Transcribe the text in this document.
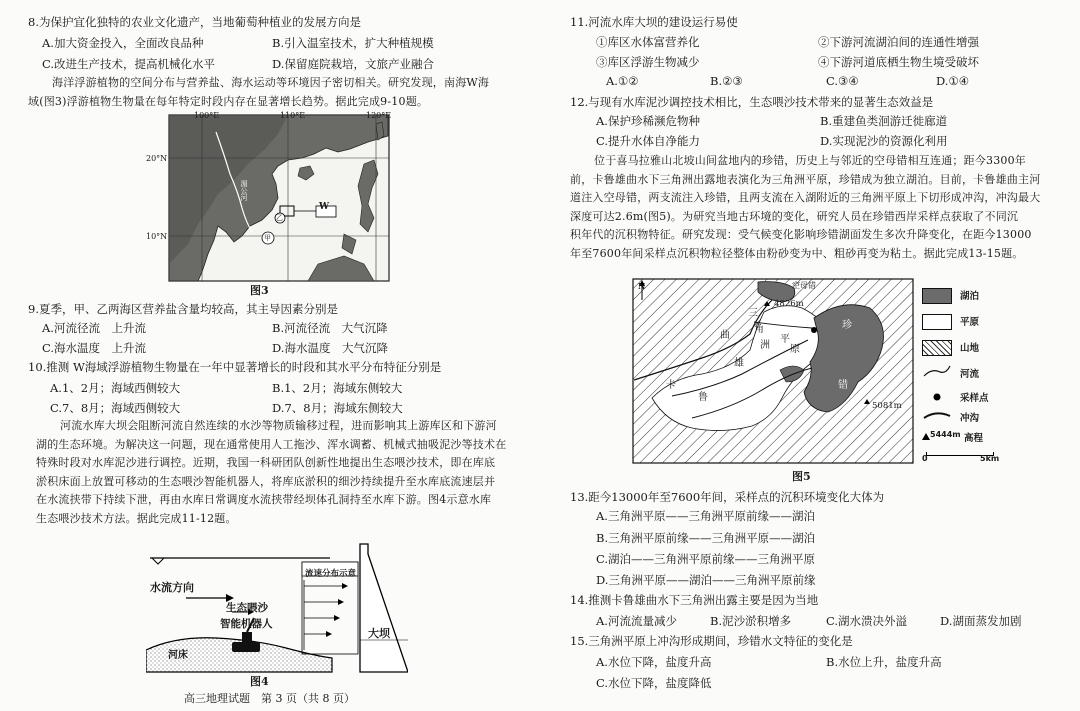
8.为保护宜化独特的农业文化遗产，当地葡萄种植业的发展方向是
A.加大资金投入，全面改良品种	B.引入温室技术，扩大种植规模
C.改进生产技术，提高机械化水平	D.保留庭院栽培，文旅产业融合
海洋浮游植物的空间分布与营养盐、海水运动等环境因子密切相关。研究发现，南海W海
域(图3)浮游植物生物量在每年特定时段内存在显著增长趋势。据此完成9-10题。
100°E	110°E	120°E
20°N
10°N
W
甲
乙
湄公河
图3
9.夏季，甲、乙两海区营养盐含量均较高，其主导因素分别是
A.河流径流　上升流	B.河流径流　大气沉降
C.海水温度　上升流	D.海水温度　大气沉降
10.推测 W海域浮游植物生物量在一年中显著增长的时段和其水平分布特征分别是
A.1、2月；海域西侧较大	B.1、2月；海域东侧较大
C.7、8月；海域西侧较大	D.7、8月；海域东侧较大
河流水库大坝会阻断河流自然连续的水沙等物质输移过程，进而影响其上游库区和下游河
湖的生态环境。为解决这一问题，现在通常使用人工拖沙、浑水调蓄、机械式抽吸泥沙等技术在
特殊时段对水库泥沙进行调控。近期，我国一科研团队创新性地提出生态喂沙技术，即在库底
淤积床面上放置可移动的生态喂沙智能机器人，将库底淤积的细沙持续提升至水库底流速层并
在水流挟带下持续下泄，再由水库日常调度水流挟带经坝体孔洞持至水库下游。图4示意水库
生态喂沙技术方法。据此完成11-12题。
水流方向
流速分布示意
生态喂沙
智能机器人
河床
大坝
图4
高三地理试题　第 3 页（共 8 页）
11.河流水库大坝的建设运行易使
①库区水体富营养化	②下游河流湖泊间的连通性增强
③库区浮游生物减少	④下游河道底栖生物生境受破坏
A.①②	B.②③	C.③④	D.①④
12.与现有水库泥沙调控技术相比，生态喂沙技术带来的显著生态效益是
A.保护珍稀濒危物种	B.重建鱼类洄游迁徙廊道
C.提升水体自净能力	D.实现泥沙的资源化利用
位于喜马拉雅山北坡山间盆地内的珍错，历史上与邻近的空母错相互连通；距今3300年
前，卡鲁雄曲水下三角洲出露地表演化为三角洲平原，珍错成为独立湖泊。目前，卡鲁雄曲主河
道注入空母错，两支流注入珍错，且两支流在入湖附近的三角洲平原上下切形成冲沟，冲沟最大
深度可达2.6m(图5)。为研究当地古环境的变化，研究人员在珍错西岸采样点获取了不同沉
积年代的沉积物特征。研究发现：受气候变化影响珍错湖面发生多次升降变化，在距今13000
年至7600年间采样点沉积物粒径整体由粉砂变为中、粗砂再变为粘土。据此完成13-15题。
N	空母错
4826m
5081m
三
角
洲
平
原
曲
卡
鲁
雄
珍
错
湖泊
平原
山地
河流
采样点
冲沟
5444m 高程
0	5km
图5
13.距今13000年至7600年间，采样点的沉积环境变化大体为
A.三角洲平原——三角洲平原前缘——湖泊
B.三角洲平原前缘——三角洲平原——湖泊
C.湖泊——三角洲平原前缘——三角洲平原
D.三角洲平原——湖泊——三角洲平原前缘
14.推测卡鲁雄曲水下三角洲出露主要是因为当地
A.河流流量减少	B.泥沙淤积增多	C.湖水溃决外溢	D.湖面蒸发加剧
15.三角洲平原上冲沟形成期间，珍错水文特征的变化是
A.水位下降，盐度升高	B.水位上升，盐度升高
C.水位下降，盐度降低
